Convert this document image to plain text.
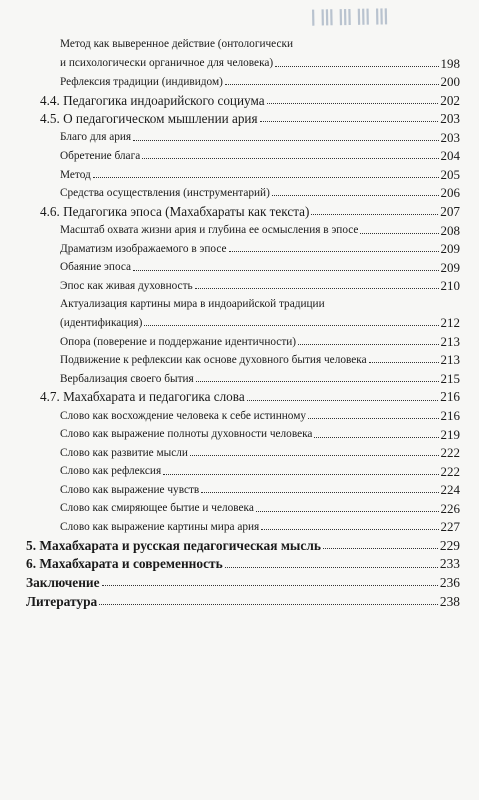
ⅠⅢⅢⅢⅢ
Метод как выверенное действие (онтологически
и психологически органичное для человека)	198
Рефлексия традиции (индивидом)	200
4.4. Педагогика индоарийского социума	202
4.5. О педагогическом мышлении ария	203
Благо для ария	203
Обретение блага	204
Метод	205
Средства осуществления (инструментарий)	206
4.6. Педагогика эпоса (Махабхараты как текста)	207
Масштаб охвата жизни ария и глубина ее осмысления в эпосе	208
Драматизм изображаемого в эпосе	209
Обаяние эпоса	209
Эпос как живая духовность	210
Актуализация картины мира в индоарийской традиции
(идентификация)	212
Опора (поверение и поддержание идентичности)	213
Подвижение к рефлексии как основе духовного бытия человека	213
Вербализация своего бытия	215
4.7. Махабхарата и педагогика слова	216
Слово как восхождение человека к себе истинному	216
Слово как выражение полноты духовности человека	219
Слово как развитие мысли	222
Слово как рефлексия	222
Слово как выражение чувств	224
Слово как смиряющее бытие и человека	226
Слово как выражение картины мира ария	227
5. Махабхарата и русская педагогическая мысль	229
6. Махабхарата и современность	233
Заключение	236
Литература	238
